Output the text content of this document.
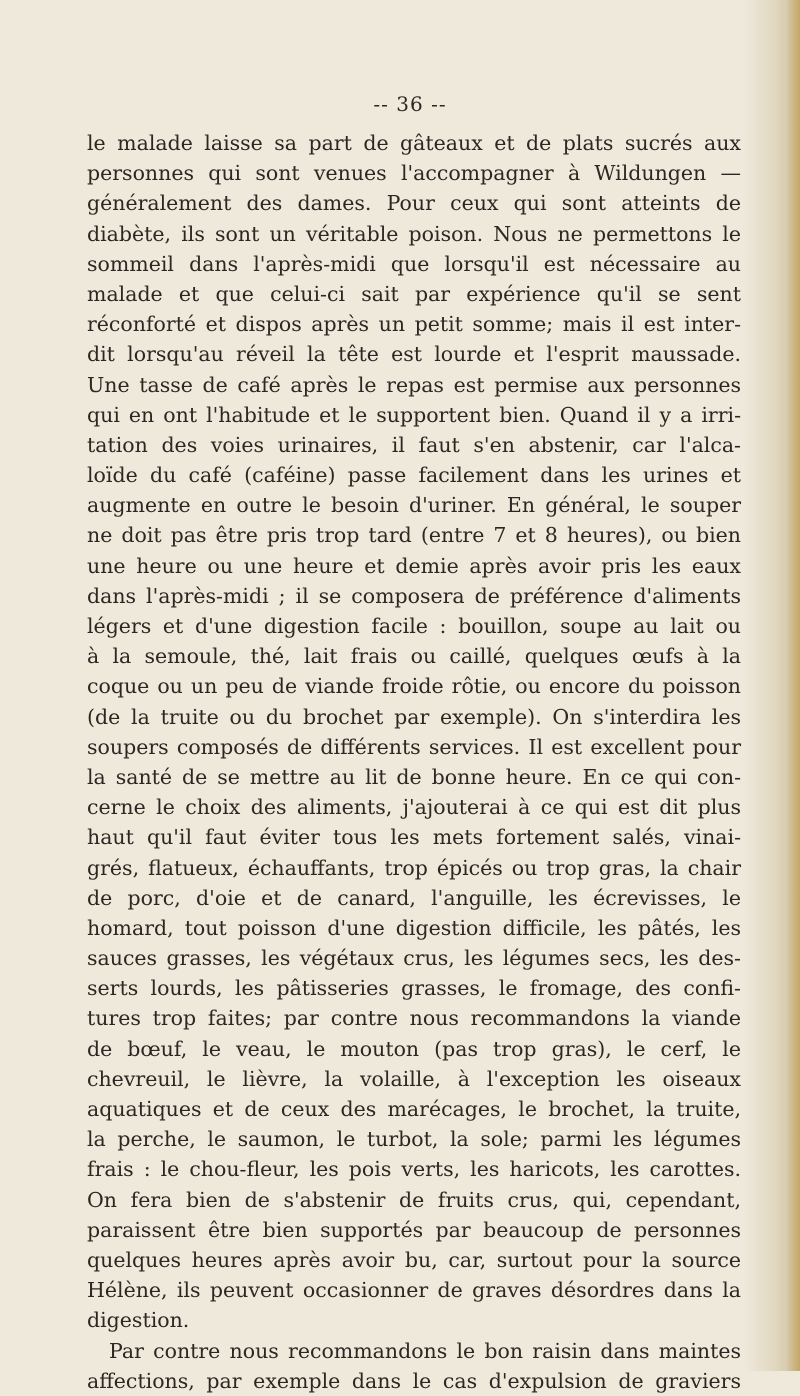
-- 36 --
le malade laisse sa part de gâteaux et de plats sucrés aux
personnes qui sont venues l'accompagner à Wildungen —
généralement des dames. Pour ceux qui sont atteints de
diabète, ils sont un véritable poison. Nous ne permettons le
sommeil dans l'après-midi que lorsqu'il est nécessaire au
malade et que celui-ci sait par expérience qu'il se sent
réconforté et dispos après un petit somme; mais il est inter-
dit lorsqu'au réveil la tête est lourde et l'esprit maussade.
Une tasse de café après le repas est permise aux personnes
qui en ont l'habitude et le supportent bien. Quand il y a irri-
tation des voies urinaires, il faut s'en abstenir, car l'alca-
loïde du café (caféine) passe facilement dans les urines et
augmente en outre le besoin d'uriner. En général, le souper
ne doit pas être pris trop tard (entre 7 et 8 heures), ou bien
une heure ou une heure et demie après avoir pris les eaux
dans l'après-midi ; il se composera de préférence d'aliments
légers et d'une digestion facile : bouillon, soupe au lait ou
à la semoule, thé, lait frais ou caillé, quelques œufs à la
coque ou un peu de viande froide rôtie, ou encore du poisson
(de la truite ou du brochet par exemple). On s'interdira les
soupers composés de différents services. Il est excellent pour
la santé de se mettre au lit de bonne heure. En ce qui con-
cerne le choix des aliments, j'ajouterai à ce qui est dit plus
haut qu'il faut éviter tous les mets fortement salés, vinai-
grés, flatueux, échauffants, trop épicés ou trop gras, la chair
de porc, d'oie et de canard, l'anguille, les écrevisses, le
homard, tout poisson d'une digestion difficile, les pâtés, les
sauces grasses, les végétaux crus, les légumes secs, les des-
serts lourds, les pâtisseries grasses, le fromage, des confi-
tures trop faites; par contre nous recommandons la viande
de bœuf, le veau, le mouton (pas trop gras), le cerf, le
chevreuil, le lièvre, la volaille, à l'exception les oiseaux
aquatiques et de ceux des marécages, le brochet, la truite,
la perche, le saumon, le turbot, la sole; parmi les légumes
frais : le chou-fleur, les pois verts, les haricots, les carottes.
On fera bien de s'abstenir de fruits crus, qui, cependant,
paraissent être bien supportés par beaucoup de personnes
quelques heures après avoir bu, car, surtout pour la source
Hélène, ils peuvent occasionner de graves désordres dans la
digestion.
Par contre nous recommandons le bon raisin dans maintes
affections, par exemple dans le cas d'expulsion de graviers
